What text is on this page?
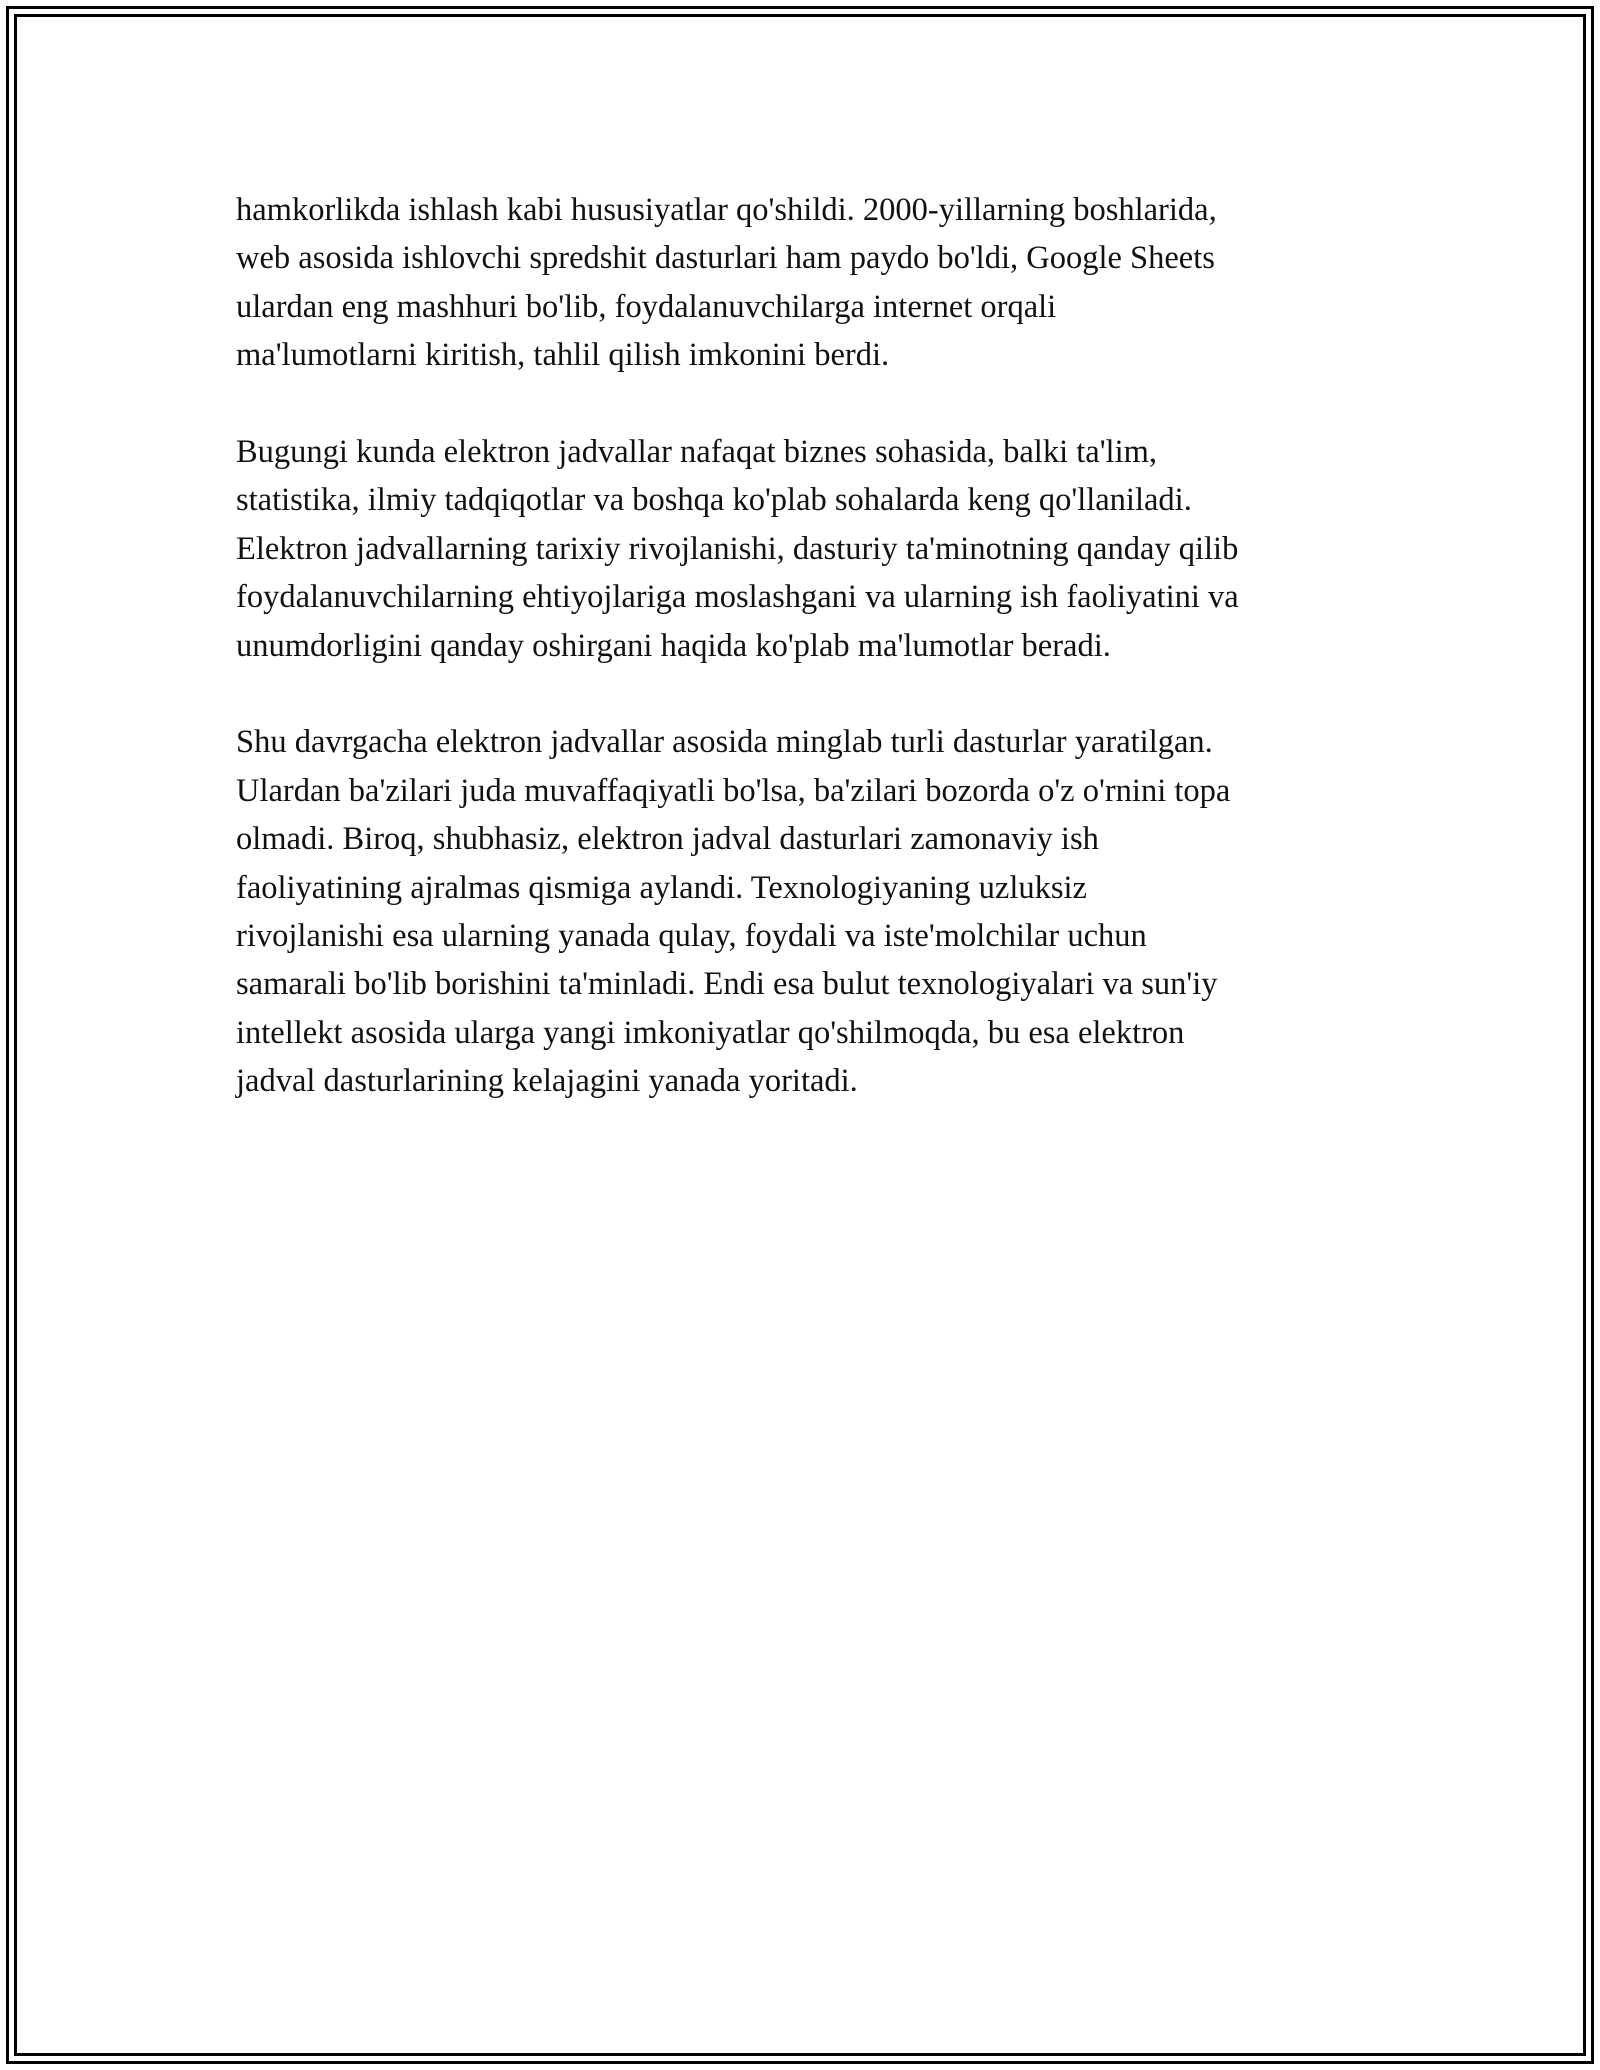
hamkorlikda ishlash kabi hususiyatlar qo'shildi. 2000-yillarning boshlarida,
web asosida ishlovchi spredshit dasturlari ham paydo bo'ldi, Google Sheets
ulardan eng mashhuri bo'lib, foydalanuvchilarga internet orqali
ma'lumotlarni kiritish, tahlil qilish imkonini berdi.

Bugungi kunda elektron jadvallar nafaqat biznes sohasida, balki ta'lim,
statistika, ilmiy tadqiqotlar va boshqa ko'plab sohalarda keng qo'llaniladi.
Elektron jadvallarning tarixiy rivojlanishi, dasturiy ta'minotning qanday qilib
foydalanuvchilarning ehtiyojlariga moslashgani va ularning ish faoliyatini va
unumdorligini qanday oshirgani haqida ko'plab ma'lumotlar beradi.

Shu davrgacha elektron jadvallar asosida minglab turli dasturlar yaratilgan.
Ulardan ba'zilari juda muvaffaqiyatli bo'lsa, ba'zilari bozorda o'z o'rnini topa
olmadi. Biroq, shubhasiz, elektron jadval dasturlari zamonaviy ish
faoliyatining ajralmas qismiga aylandi. Texnologiyaning uzluksiz
rivojlanishi esa ularning yanada qulay, foydali va iste'molchilar uchun
samarali bo'lib borishini ta'minladi. Endi esa bulut texnologiyalari va sun'iy
intellekt asosida ularga yangi imkoniyatlar qo'shilmoqda, bu esa elektron
jadval dasturlarining kelajagini yanada yoritadi.
